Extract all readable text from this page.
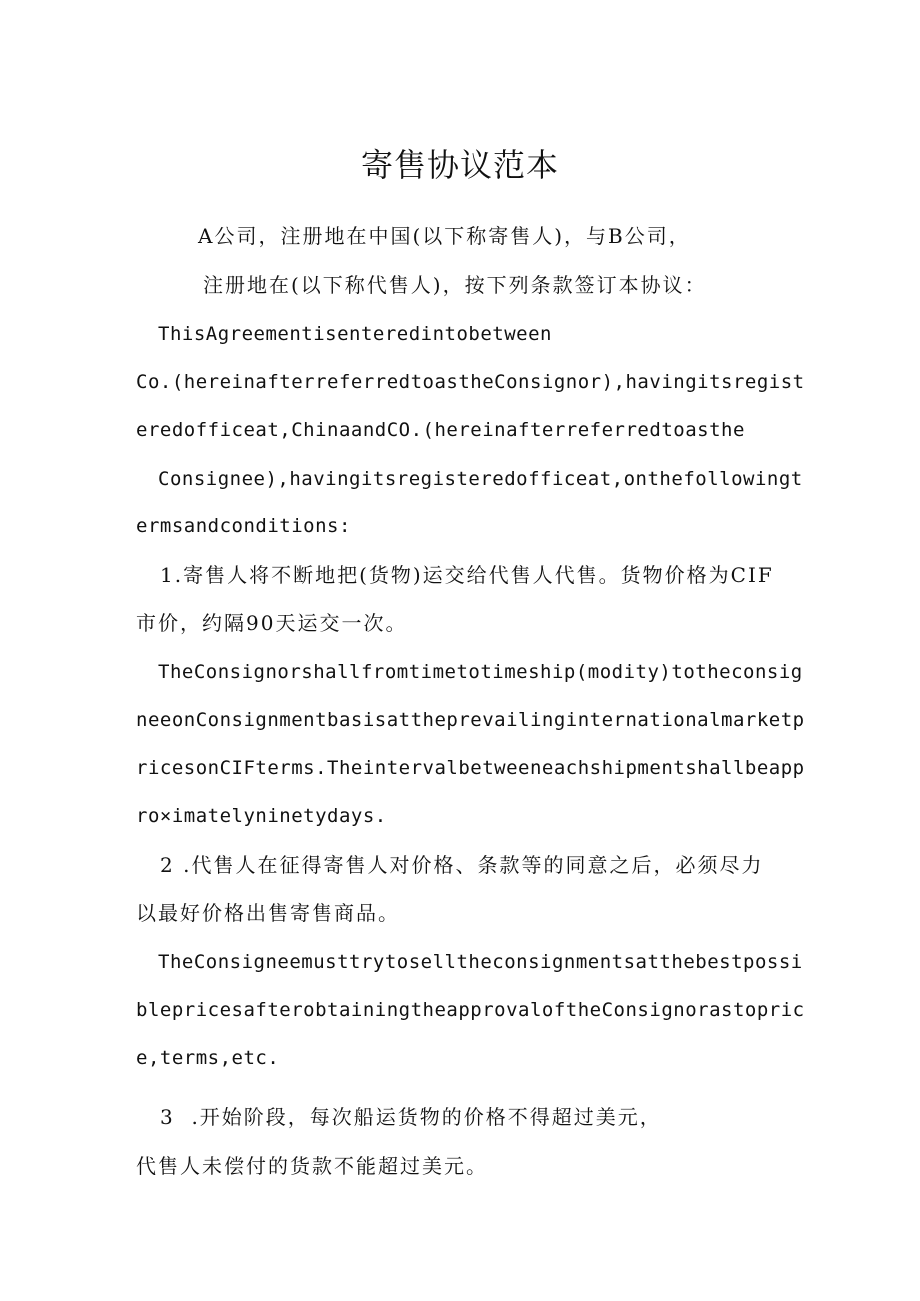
寄售协议范本
A公司，注册地在中国(以下称寄售人)，与B公司，
注册地在(以下称代售人)，按下列条款签订本协议：
ThisAgreementisenteredintobetween
Co.(hereinafterreferredtoastheConsignor),havingitsregist
eredofficeat,ChinaandCO.(hereinafterreferredtoasthe
Consignee),havingitsregisteredofficeat,onthefollowingt
ermsandconditions:
1.寄售人将不断地把(货物)运交给代售人代售。货物价格为CIF
市价，约隔90天运交一次。
TheConsignorshallfromtimetotimeship(modity)totheconsig
neeonConsignmentbasisattheprevailinginternationalmarketp
ricesonCIFterms.Theintervalbetweeneachshipmentshallbeapp
ro×imatelyninetydays.
2 .代售人在征得寄售人对价格、条款等的同意之后，必须尽力
以最好价格出售寄售商品。
TheConsigneemusttrytoselltheconsignmentsatthebestpossi
blepricesafterobtainingtheapprovaloftheConsignorastopric
e,terms,etc.
3  .开始阶段，每次船运货物的价格不得超过美元，
代售人未偿付的货款不能超过美元。
